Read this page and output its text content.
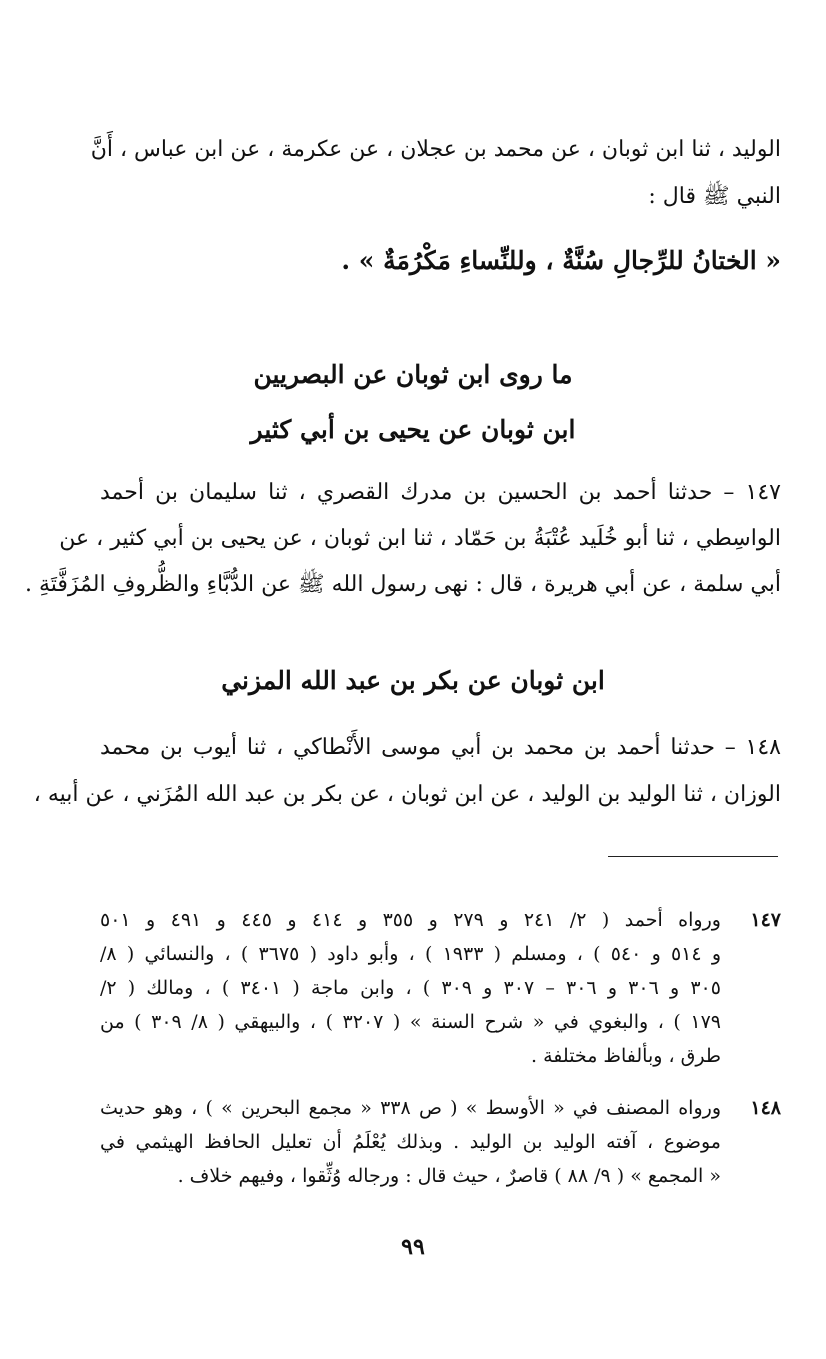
الوليد ، ثنا ابن ثوبان ، عن محمد بن عجلان ، عن عكرمة ، عن ابن عباس ، أَنَّ
النبي ﷺ قال :
« الختانُ للرِّجالِ سُنَّةٌ ، وللنِّساءِ مَكْرُمَةٌ » .
ما روى ابن ثوبان عن البصريين
ابن ثوبان عن يحيى بن أبي كثير
١٤٧ – حدثنا أحمد بن الحسين بن مدرك القصري ، ثنا سليمان بن أحمد
الواسِطي ، ثنا أبو خُلَيد عُتْبَةُ بن حَمّاد ، ثنا ابن ثوبان ، عن يحيى بن أبي كثير ، عن
أبي سلمة ، عن أبي هريرة ، قال : نهى رسول الله ﷺ عن الدُّبَّاءِ والظُّروفِ المُزَفَّتَةِ .
ابن ثوبان عن بكر بن عبد الله المزني
١٤٨ – حدثنا أحمد بن محمد بن أبي موسى الأَنْطاكي ، ثنا أيوب بن محمد
الوزان ، ثنا الوليد بن الوليد ، عن ابن ثوبان ، عن بكر بن عبد الله المُزَني ، عن أبيه ،
١٤٧
ورواه أحمد ( ٢/ ٢٤١ و ٢٧٩ و ٣٥٥ و ٤١٤ و ٤٤٥ و ٤٩١ و ٥٠١
و ٥١٤ و ٥٤٠ ) ، ومسلم ( ١٩٣٣ ) ، وأبو داود ( ٣٦٧٥ ) ، والنسائي ( ٨/
٣٠٥ و ٣٠٦ و ٣٠٦ – ٣٠٧ و ٣٠٩ ) ، وابن ماجة ( ٣٤٠١ ) ، ومالك ( ٢/
١٧٩ ) ، والبغوي في « شرح السنة » ( ٣٢٠٧ ) ، والبيهقي ( ٨/ ٣٠٩ ) من
طرق ، وبألفاظ مختلفة .
١٤٨
ورواه المصنف في « الأوسط » ( ص ٣٣٨ « مجمع البحرين » ) ، وهو حديث
موضوع ، آفته الوليد بن الوليد . وبذلك يُعْلَمُ أن تعليل الحافظ الهيثمي في
« المجمع » ( ٩/ ٨٨ ) قاصرٌ ، حيث قال : ورجاله وُثِّقوا ، وفيهم خلاف .
٩٩
